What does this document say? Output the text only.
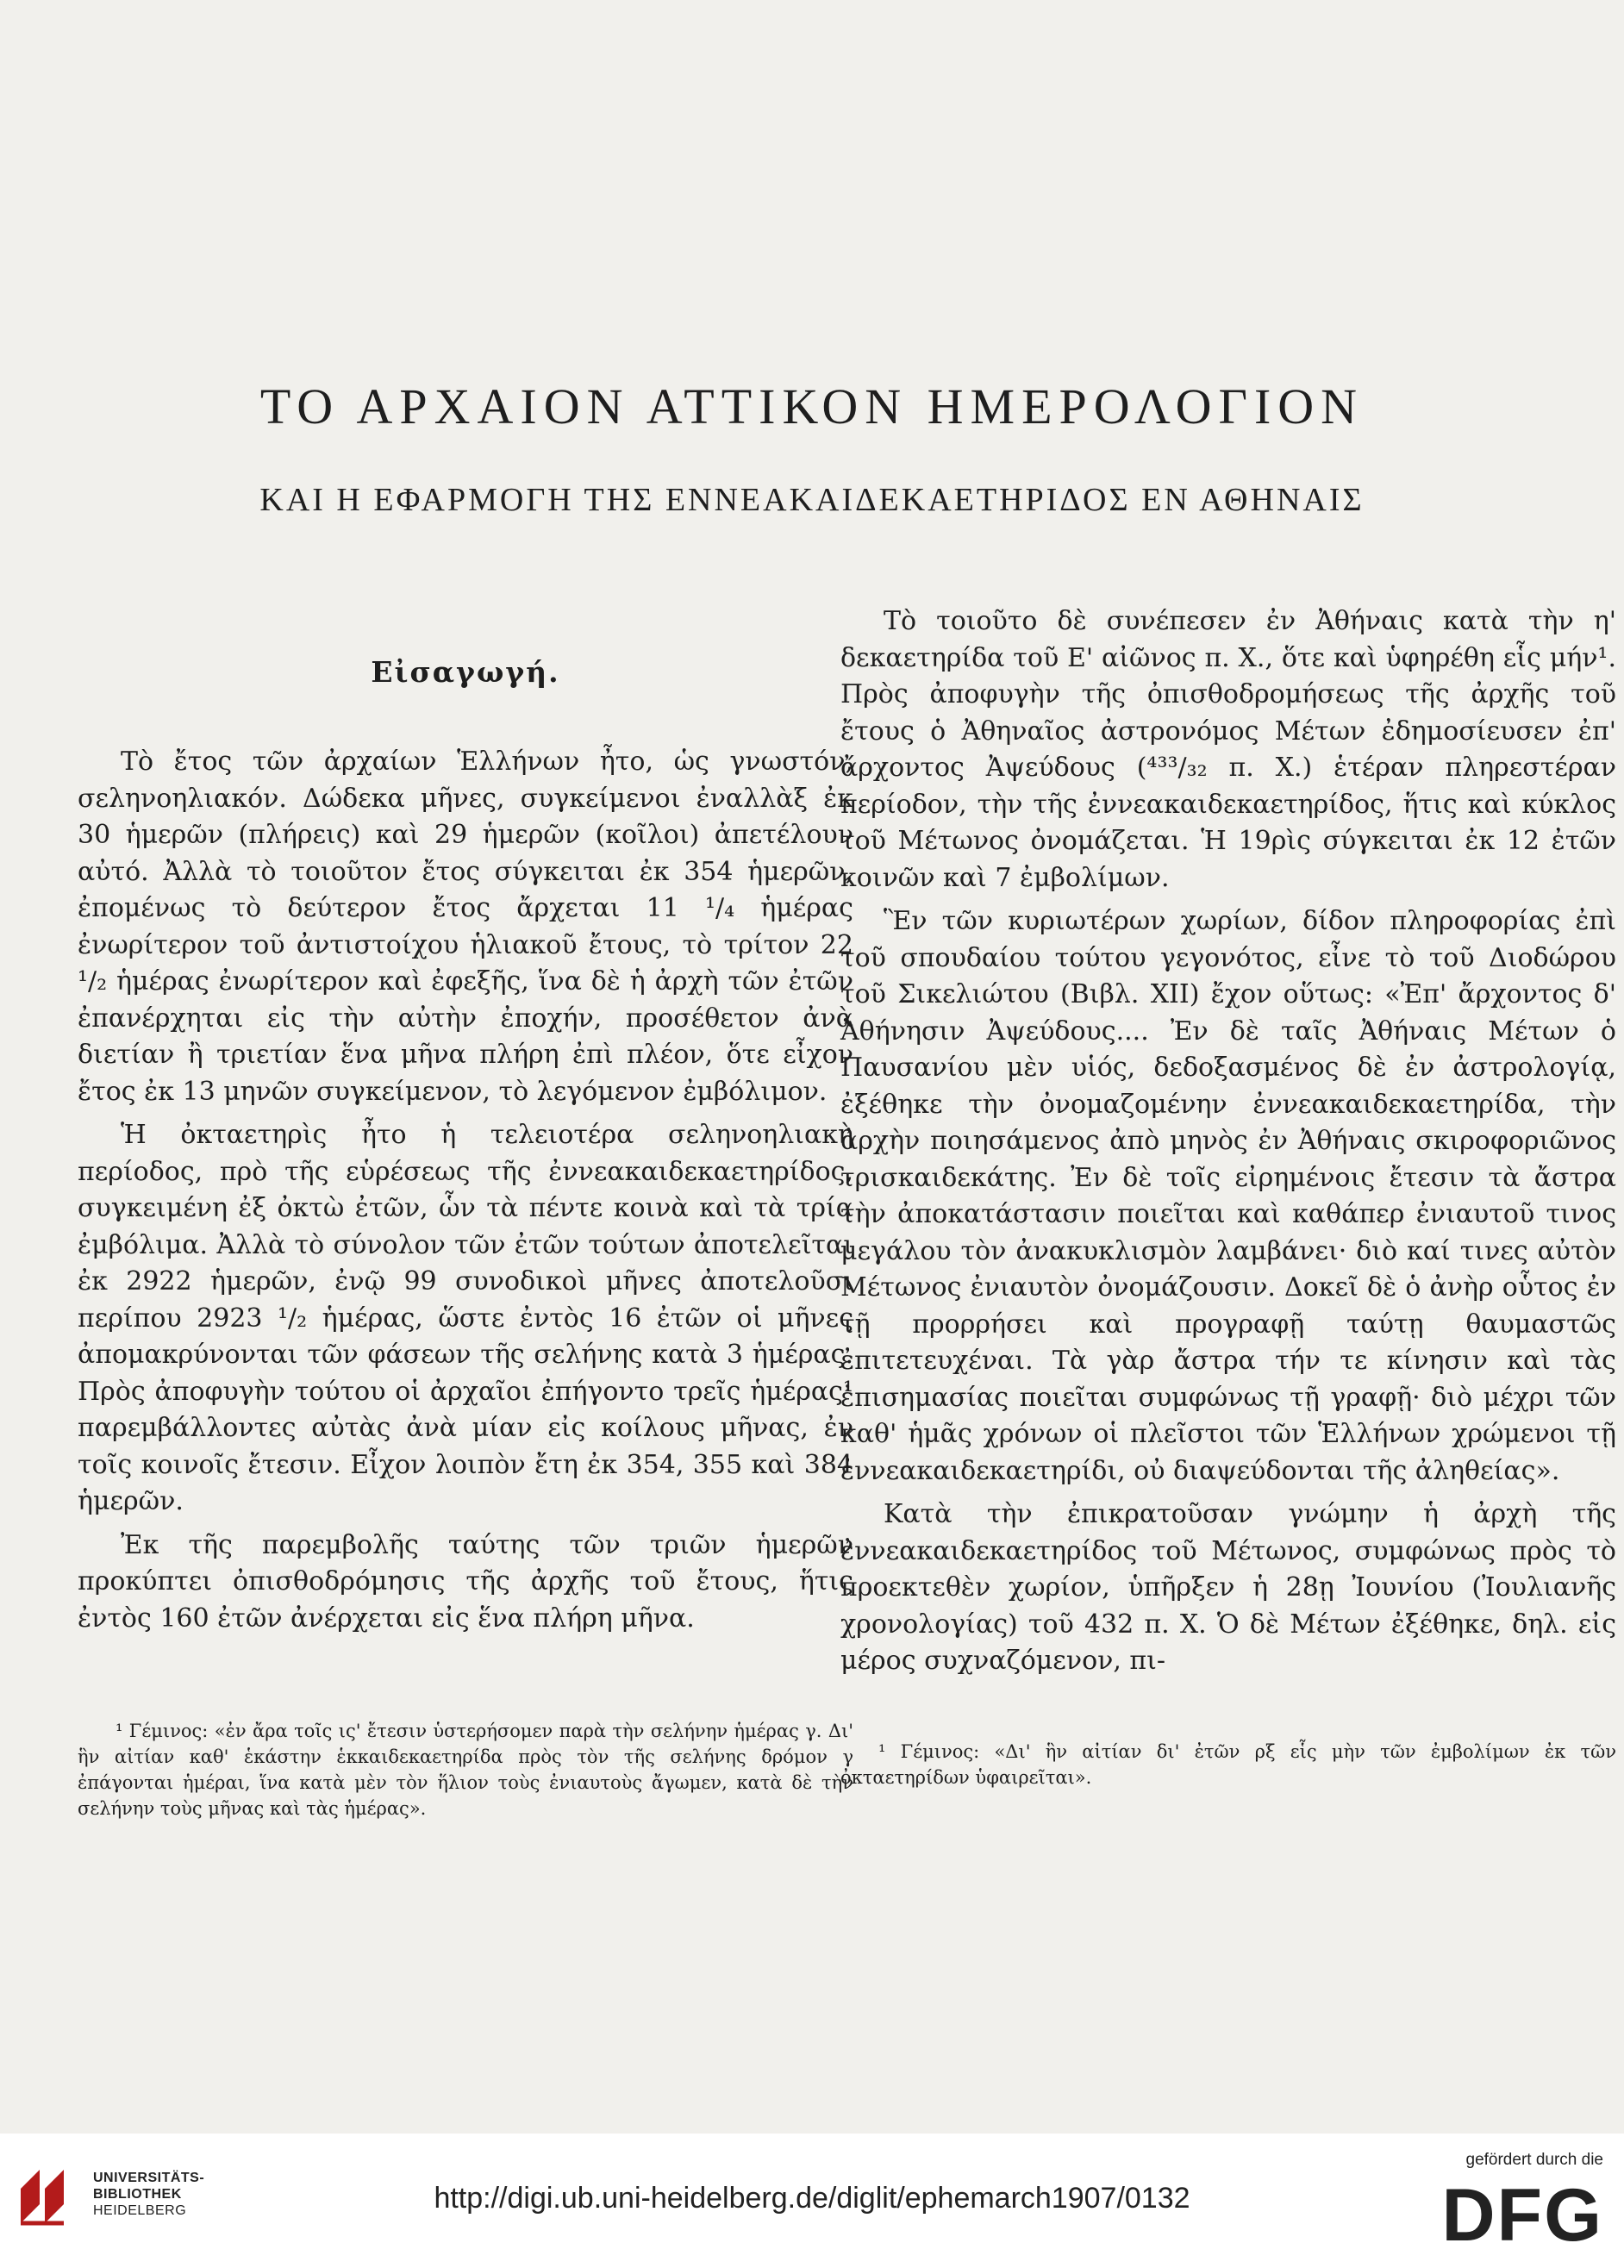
ΤΟ ΑΡΧΑΙΟΝ ΑΤΤΙΚΟΝ ΗΜΕΡΟΛΟΓΙΟΝ
ΚΑΙ Η ΕΦΑΡΜΟΓΗ ΤΗΣ ΕΝΝΕΑΚΑΙΔΕΚΑΕΤΗΡΙΔΟΣ ΕΝ ΑΘΗΝΑΙΣ
Εἰσαγωγή.

Τὸ ἔτος τῶν ἀρχαίων Ἑλλήνων ἦτο, ὡς γνωστόν, σεληνοηλιακόν. Δώδεκα μῆνες, συγκείμενοι ἐναλλὰξ ἐκ 30 ἡμερῶν (πλήρεις) καὶ 29 ἡμερῶν (κοῖλοι) ἀπετέλουν αὐτό. Ἀλλὰ τὸ τοιοῦτον ἔτος σύγκειται ἐκ 354 ἡμερῶν, ἐπομένως τὸ δεύτερον ἔτος ἄρχεται 11 ¹/₄ ἡμέρας ἐνωρίτερον τοῦ ἀντιστοίχου ἡλιακοῦ ἔτους, τὸ τρίτον 22 ¹/₂ ἡμέρας ἐνωρίτερον καὶ ἐφεξῆς, ἵνα δὲ ἡ ἀρχὴ τῶν ἐτῶν ἐπανέρχηται εἰς τὴν αὐτὴν ἐποχήν, προσέθετον ἀνὰ διετίαν ἢ τριετίαν ἕνα μῆνα πλήρη ἐπὶ πλέον, ὅτε εἶχον ἔτος ἐκ 13 μηνῶν συγκείμενον, τὸ λεγόμενον ἐμβόλιμον.

Ἡ ὀκταετηρὶς ἦτο ἡ τελειοτέρα σεληνοηλιακὴ περίοδος, πρὸ τῆς εὑρέσεως τῆς ἐννεακαιδεκαετηρίδος, συγκειμένη ἐξ ὀκτὼ ἐτῶν, ὧν τὰ πέντε κοινὰ καὶ τὰ τρία ἐμβόλιμα. Ἀλλὰ τὸ σύνολον τῶν ἐτῶν τούτων ἀποτελεῖται ἐκ 2922 ἡμερῶν, ἐνῷ 99 συνοδικοὶ μῆνες ἀποτελοῦσι περίπου 2923 ¹/₂ ἡμέρας, ὥστε ἐντὸς 16 ἐτῶν οἱ μῆνες ἀπομακρύνονται τῶν φάσεων τῆς σελήνης κατὰ 3 ἡμέρας. Πρὸς ἀποφυγὴν τούτου οἱ ἀρχαῖοι ἐπήγοντο τρεῖς ἡμέρας¹ παρεμβάλλοντες αὐτὰς ἀνὰ μίαν εἰς κοίλους μῆνας, ἐν τοῖς κοινοῖς ἔτεσιν. Εἶχον λοιπὸν ἔτη ἐκ 354, 355 καὶ 384 ἡμερῶν.

Ἐκ τῆς παρεμβολῆς ταύτης τῶν τριῶν ἡμερῶν προκύπτει ὀπισθοδρόμησις τῆς ἀρχῆς τοῦ ἔτους, ἥτις ἐντὸς 160 ἐτῶν ἀνέρχεται εἰς ἕνα πλήρη μῆνα.

¹ Γέμινος: «ἐν ἄρα τοῖς ις' ἔτεσιν ὑστερήσομεν παρὰ τὴν σελήνην ἡμέρας γ. Δι' ἣν αἰτίαν καθ' ἑκάστην ἑκκαιδεκαετηρίδα πρὸς τὸν τῆς σελήνης δρόμον γ ἐπάγονται ἡμέραι, ἵνα κατὰ μὲν τὸν ἥλιον τοὺς ἐνιαυτοὺς ἄγωμεν, κατὰ δὲ τὴν σελήνην τοὺς μῆνας καὶ τὰς ἡμέρας».

Τὸ τοιοῦτο δὲ συνέπεσεν ἐν Ἀθήναις κατὰ τὴν η' δεκαετηρίδα τοῦ Ε' αἰῶνος π. Χ., ὅτε καὶ ὑφηρέθη εἷς μήν¹. Πρὸς ἀποφυγὴν τῆς ὀπισθοδρομήσεως τῆς ἀρχῆς τοῦ ἔτους ὁ Ἀθηναῖος ἀστρονόμος Μέτων ἐδημοσίευσεν ἐπ' ἄρχοντος Ἀψεύδους (⁴³³/₃₂ π. Χ.) ἑτέραν πληρεστέραν περίοδον, τὴν τῆς ἐννεακαιδεκαετηρίδος, ἥτις καὶ κύκλος τοῦ Μέτωνος ὀνομάζεται. Ἡ 19ρὶς σύγκειται ἐκ 12 ἐτῶν κοινῶν καὶ 7 ἐμβολίμων.

Ἓν τῶν κυριωτέρων χωρίων, δίδον πληροφορίας ἐπὶ τοῦ σπουδαίου τούτου γεγονότος, εἶνε τὸ τοῦ Διοδώρου τοῦ Σικελιώτου (Βιβλ. XII) ἔχον οὕτως: «Ἐπ' ἄρχοντος δ' Ἀθήνησιν Ἀψεύδους.... Ἐν δὲ ταῖς Ἀθήναις Μέτων ὁ Παυσανίου μὲν υἱός, δεδοξασμένος δὲ ἐν ἀστρολογίᾳ, ἐξέθηκε τὴν ὀνομαζομένην ἐννεακαιδεκαετηρίδα, τὴν ἀρχὴν ποιησάμενος ἀπὸ μηνὸς ἐν Ἀθήναις σκιροφοριῶνος τρισκαιδεκάτης. Ἐν δὲ τοῖς εἰρημένοις ἔτεσιν τὰ ἄστρα τὴν ἀποκατάστασιν ποιεῖται καὶ καθάπερ ἐνιαυτοῦ τινος μεγάλου τὸν ἀνακυκλισμὸν λαμβάνει· διὸ καί τινες αὐτὸν Μέτωνος ἐνιαυτὸν ὀνομάζουσιν. Δοκεῖ δὲ ὁ ἀνὴρ οὗτος ἐν τῇ προρρήσει καὶ προγραφῇ ταύτῃ θαυμαστῶς ἐπιτετευχέναι. Τὰ γὰρ ἄστρα τήν τε κίνησιν καὶ τὰς ἐπισημασίας ποιεῖται συμφώνως τῇ γραφῇ· διὸ μέχρι τῶν καθ' ἡμᾶς χρόνων οἱ πλεῖστοι τῶν Ἑλλήνων χρώμενοι τῇ ἐννεακαιδεκαετηρίδι, οὐ διαψεύδονται τῆς ἀληθείας».

Κατὰ τὴν ἐπικρατοῦσαν γνώμην ἡ ἀρχὴ τῆς ἐννεακαιδεκαετηρίδος τοῦ Μέτωνος, συμφώνως πρὸς τὸ προεκτεθὲν χωρίον, ὑπῆρξεν ἡ 28ῃ Ἰουνίου (Ἰουλιανῆς χρονολογίας) τοῦ 432 π. Χ. Ὁ δὲ Μέτων ἐξέθηκε, δηλ. εἰς μέρος συχναζόμενον, πι-

¹ Γέμινος: «Δι' ἣν αἰτίαν δι' ἐτῶν ρξ εἷς μὴν τῶν ἐμβολίμων ἐκ τῶν ὀκταετηρίδων ὑφαιρεῖται».

UNIVERSITÄTS-
BIBLIOTHEK
HEIDELBERG	http://digi.ub.uni-heidelberg.de/diglit/ephemarch1907/0132
gefördert durch die
DFG
